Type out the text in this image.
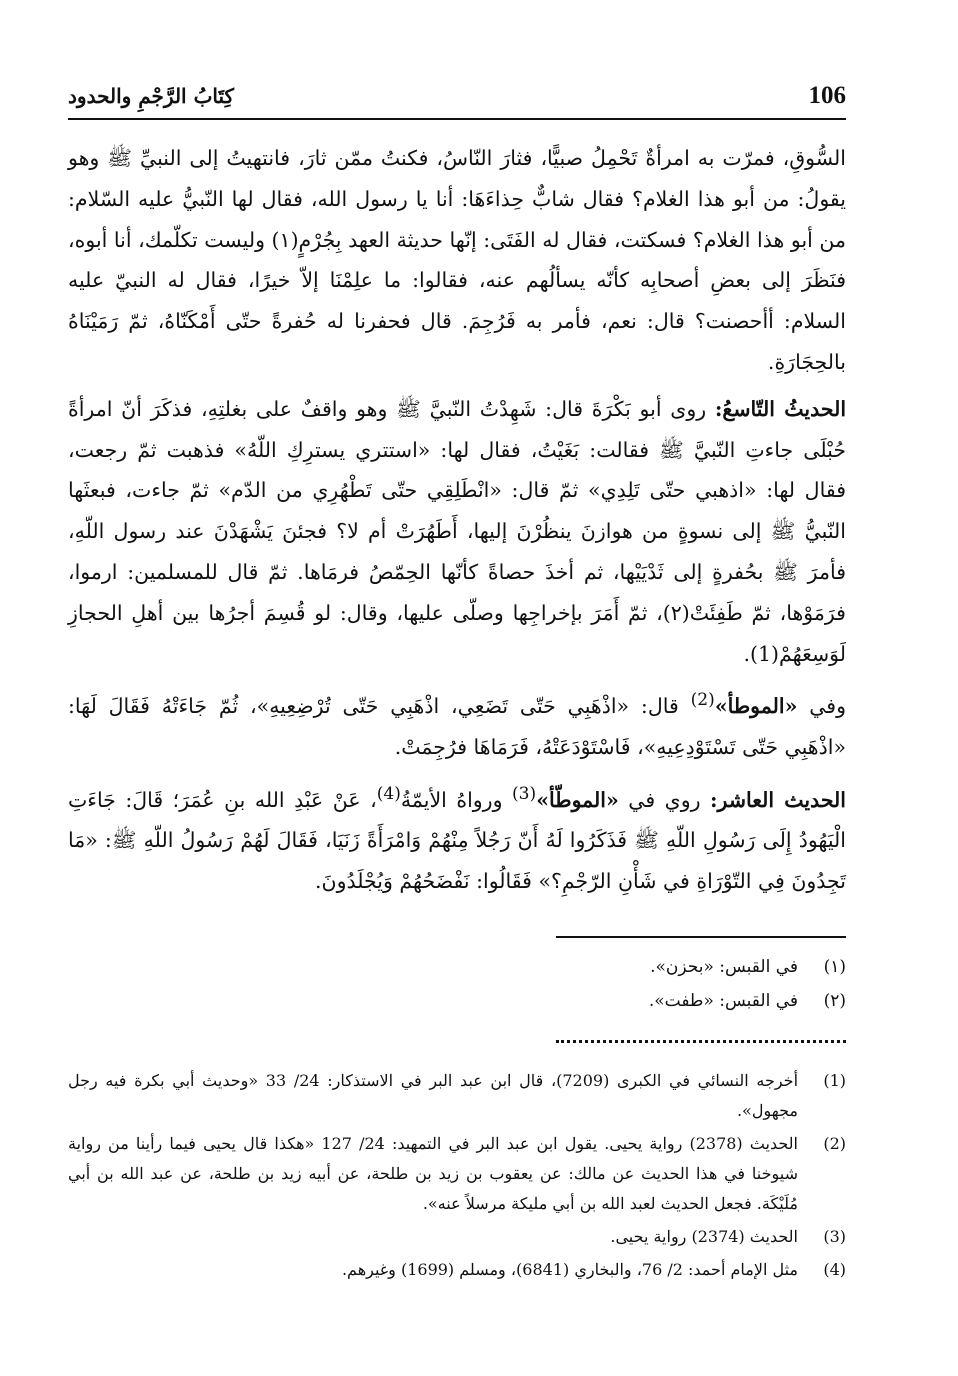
106
كِتَابُ الرَّجْمِ والحدود

السُّوقِ، فمرّت به امرأةٌ تَحْمِلُ صبيًّا، فثارَ النّاسُ، فكنتُ ممّن ثارَ، فانتهيتُ إلى النبيِّ ﷺ وهو يقولُ: من أبو هذا الغلام؟ فقال شابٌّ حِذاءَهَا: أنا يا رسول الله، فقال لها النّبيُّ عليه السّلام: من أبو هذا الغلام؟ فسكتت، فقال له الفَتَى: إنّها حديثة العهد بِجُرْمٍ(١) وليست تكلّمك، أنا أبوه، فنَظَرَ إلى بعضِ أصحابِه كأنّه يسألُهم عنه، فقالوا: ما علِمْنَا إلاّ خيرًا، فقال له النبيّ عليه السلام: أأحصنت؟ قال: نعم، فأمر به فَرُجِمَ. قال فحفرنا له حُفرةً حتّى أَمْكَنّاهُ، ثمّ رَمَيْنَاهُ بالحِجَارَةِ.

الحديثُ التّاسعُ: روى أبو بَكْرَةَ قال: شَهِدْتُ النّبيَّ ﷺ وهو واقفٌ على بغلتِهِ، فذكَرَ أنّ امرأةً حُبْلَى جاءتِ النّبيَّ ﷺ فقالت: بَغَيْتُ، فقال لها: «استتري يسترِكِ اللّهُ» فذهبت ثمّ رجعت، فقال لها: «اذهبي حتّى تَلِدِي» ثمّ قال: «انْطَلِقِي حتّى تَطْهُرِي من الدّم» ثمّ جاءت، فبعثَها النّبيُّ ﷺ إلى نسوةٍ من هوازنَ ينظُرْنَ إليها، أَطَهُرَتْ أم لا؟ فجئنَ يَشْهَدْنَ عند رسول اللّهِ، فأمرَ ﷺ بحُفرةٍ إلى ثَدْيَيْها، ثم أخذَ حصاةً كأنّها الحِمّصُ فرمَاها. ثمّ قال للمسلمين: ارموا، فرَمَوْها، ثمّ طَفِئَتْ(٢)، ثمّ أَمَرَ بإخراجِها وصلّى عليها، وقال: لو قُسِمَ أجرُها بين أهلِ الحجازِ لَوَسِعَهُمْ(1).

وفي «الموطأ»$^{(2)}$ قال: «اذْهَبِي حَتّى تَضَعِي، اذْهَبِي حَتّى تُرْضِعِيهِ»، ثُمّ جَاءَتْهُ فَقَالَ لَهَا: «اذْهَبِي حَتّى تَسْتَوْدِعِيهِ»، فَاسْتَوْدَعَتْهُ، فَرَمَاهَا فرُجِمَتْ.

الحديث العاشر: روي في «الموطّأ»$^{(3)}$ ورواهُ الأيمّةُ$^{(4)}$، عَنْ عَبْدِ الله بنِ عُمَرَ؛ قَالَ: جَاءَتِ الْيَهُودُ إِلَى رَسُولِ اللّهِ ﷺ فَذَكَرُوا لَهُ أَنّ رَجُلاً مِنْهُمْ وَامْرَأَةً زَنَيَا، فَقَالَ لَهُمْ رَسُولُ اللّهِ ﷺ: «مَا تَجِدُونَ فِي التّوْرَاةِ في شَأْنِ الرّجْمِ؟» فَقَالُوا: نَفْضَحُهُمْ وَيُجْلَدُونَ.

(١)
في القبس: «بحزن».
(٢)
في القبس: «طفت».
(1)
أخرجه النسائي في الكبرى (7209)، قال ابن عبد البر في الاستذكار: 24/ 33 «وحديث أبي بكرة فيه رجل مجهول».
(2)
الحديث (2378) رواية يحيى. يقول ابن عبد البر في التمهيد: 24/ 127 «هكذا قال يحيى فيما رأينا من رواية شيوخنا في هذا الحديث عن مالك: عن يعقوب بن زيد بن طلحة، عن أبيه زيد بن طلحة، عن عبد الله بن أبي مُلَيْكَة. فجعل الحديث لعبد الله بن أبي مليكة مرسلاً عنه».
(3)
الحديث (2374) رواية يحيى.
(4)
مثل الإمام أحمد: 2/ 76، والبخاري (6841)، ومسلم (1699) وغيرهم.
